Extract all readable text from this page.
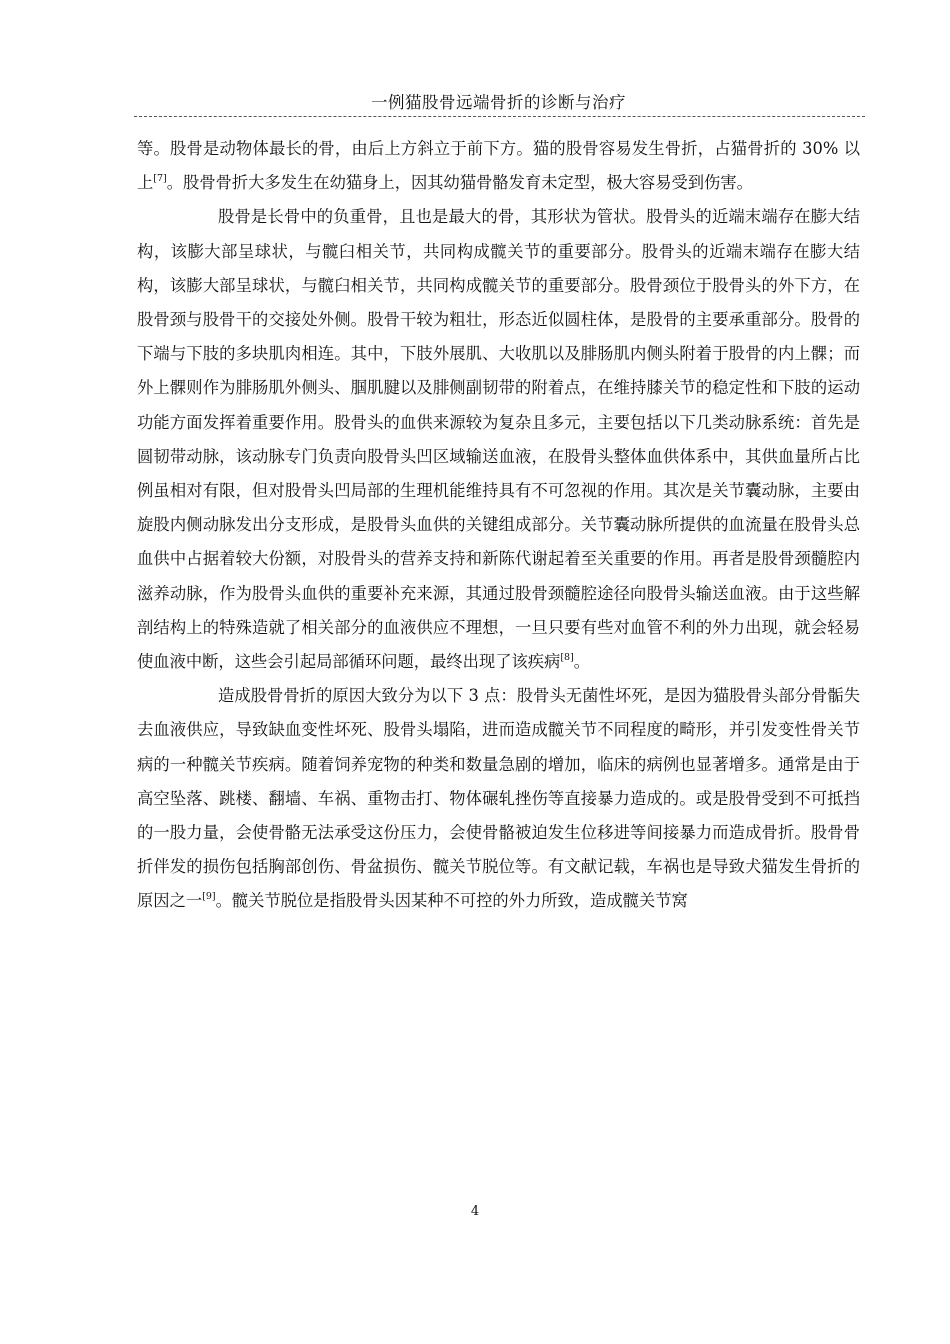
一例猫股骨远端骨折的诊断与治疗

等。股骨是动物体最长的骨，由后上方斜立于前下方。猫的股骨容易发生骨折，占猫骨折的 30% 以上[7]。股骨骨折大多发生在幼猫身上，因其幼猫骨骼发育未定型，极大容易受到伤害。

股骨是长骨中的负重骨，且也是最大的骨，其形状为管状。股骨头的近端末端存在膨大结构，该膨大部呈球状，与髋臼相关节，共同构成髋关节的重要部分。股骨头的近端末端存在膨大结构，该膨大部呈球状，与髋臼相关节，共同构成髋关节的重要部分。股骨颈位于股骨头的外下方，在股骨颈与股骨干的交接处外侧。股骨干较为粗壮，形态近似圆柱体，是股骨的主要承重部分。股骨的下端与下肢的多块肌肉相连。其中，下肢外展肌、大收肌以及腓肠肌内侧头附着于股骨的内上髁；而外上髁则作为腓肠肌外侧头、腘肌腱以及腓侧副韧带的附着点，在维持膝关节的稳定性和下肢的运动功能方面发挥着重要作用。股骨头的血供来源较为复杂且多元，主要包括以下几类动脉系统：首先是圆韧带动脉，该动脉专门负责向股骨头凹区域输送血液，在股骨头整体血供体系中，其供血量所占比例虽相对有限，但对股骨头凹局部的生理机能维持具有不可忽视的作用。其次是关节囊动脉，主要由旋股内侧动脉发出分支形成，是股骨头血供的关键组成部分。关节囊动脉所提供的血流量在股骨头总血供中占据着较大份额，对股骨头的营养支持和新陈代谢起着至关重要的作用。再者是股骨颈髓腔内滋养动脉，作为股骨头血供的重要补充来源，其通过股骨颈髓腔途径向股骨头输送血液。由于这些解剖结构上的特殊造就了相关部分的血液供应不理想，一旦只要有些对血管不利的外力出现，就会轻易使血液中断，这些会引起局部循环问题，最终出现了该疾病[8]。

造成股骨骨折的原因大致分为以下 3 点：股骨头无菌性坏死，是因为猫股骨头部分骨骺失去血液供应，导致缺血变性坏死、股骨头塌陷，进而造成髋关节不同程度的畸形，并引发变性骨关节病的一种髋关节疾病。随着饲养宠物的种类和数量急剧的增加，临床的病例也显著增多。通常是由于高空坠落、跳楼、翻墙、车祸、重物击打、物体碾轧挫伤等直接暴力造成的。或是股骨受到不可抵挡的一股力量，会使骨骼无法承受这份压力，会使骨骼被迫发生位移进等间接暴力而造成骨折。股骨骨折伴发的损伤包括胸部创伤、骨盆损伤、髋关节脱位等。有文献记载，车祸也是导致犬猫发生骨折的原因之一[9]。髋关节脱位是指股骨头因某种不可控的外力所致，造成髋关节窝

4
